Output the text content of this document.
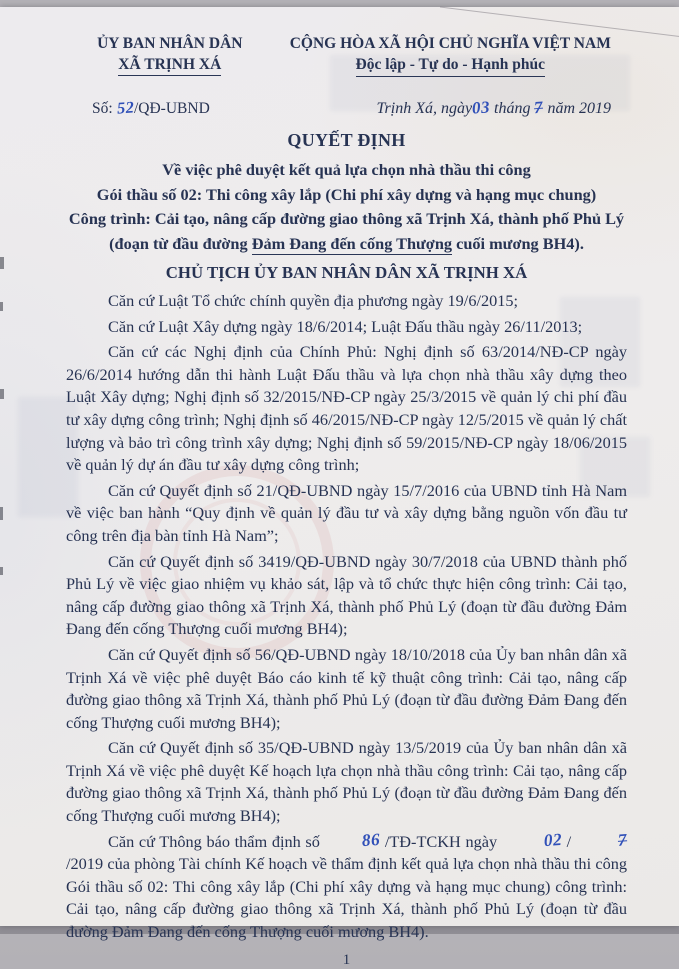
ỦY BAN NHÂN DÂN
XÃ TRỊNH XÁ
CỘNG HÒA XÃ HỘI CHỦ NGHĨA VIỆT NAM
Độc lập - Tự do - Hạnh phúc
Số: 52/QĐ-UBND	Trịnh Xá, ngày03 tháng 7 năm 2019
QUYẾT ĐỊNH
Về việc phê duyệt kết quả lựa chọn nhà thầu thi công
Gói thầu số 02: Thi công xây lắp (Chi phí xây dựng và hạng mục chung)
Công trình: Cải tạo, nâng cấp đường giao thông xã Trịnh Xá, thành phố Phủ Lý
(đoạn từ đầu đường Đảm Đang đến cống Thượng cuối mương BH4).
CHỦ TỊCH ỦY BAN NHÂN DÂN XÃ TRỊNH XÁ

Căn cứ Luật Tổ chức chính quyền địa phương ngày 19/6/2015;

Căn cứ Luật Xây dựng ngày 18/6/2014; Luật Đấu thầu ngày 26/11/2013;

Căn cứ các Nghị định của Chính Phủ: Nghị định số 63/2014/NĐ-CP ngày 26/6/2014 hướng dẫn thi hành Luật Đấu thầu và lựa chọn nhà thầu xây dựng theo Luật Xây dựng; Nghị định số 32/2015/NĐ-CP ngày 25/3/2015 về quản lý chi phí đầu tư xây dựng công trình; Nghị định số 46/2015/NĐ-CP ngày 12/5/2015 về quản lý chất lượng và bảo trì công trình xây dựng; Nghị định số 59/2015/NĐ-CP ngày 18/06/2015 về quản lý dự án đầu tư xây dựng công trình;

Căn cứ Quyết định số 21/QĐ-UBND ngày 15/7/2016 của UBND tỉnh Hà Nam về việc ban hành “Quy định về quản lý đầu tư và xây dựng bằng nguồn vốn đầu tư công trên địa bàn tỉnh Hà Nam”;

Căn cứ Quyết định số 3419/QĐ-UBND ngày 30/7/2018 của UBND thành phố Phủ Lý về việc giao nhiệm vụ khảo sát, lập và tổ chức thực hiện công trình: Cải tạo, nâng cấp đường giao thông xã Trịnh Xá, thành phố Phủ Lý (đoạn từ đầu đường Đảm Đang đến cống Thượng cuối mương BH4);

Căn cứ Quyết định số 56/QĐ-UBND ngày 18/10/2018 của Ủy ban nhân dân xã Trịnh Xá về việc phê duyệt Báo cáo kinh tế kỹ thuật công trình: Cải tạo, nâng cấp đường giao thông xã Trịnh Xá, thành phố Phủ Lý (đoạn từ đầu đường Đảm Đang đến cống Thượng cuối mương BH4);

Căn cứ Quyết định số 35/QĐ-UBND ngày 13/5/2019 của Ủy ban nhân dân xã Trịnh Xá về việc phê duyệt Kế hoạch lựa chọn nhà thầu công trình: Cải tạo, nâng cấp đường giao thông xã Trịnh Xá, thành phố Phủ Lý (đoạn từ đầu đường Đảm Đang đến cống Thượng cuối mương BH4);

Căn cứ Thông báo thẩm định số 86 /TĐ-TCKH ngày 02 / 7 /2019 của phòng Tài chính Kế hoạch về thẩm định kết quả lựa chọn nhà thầu thi công Gói thầu số 02: Thi công xây lắp (Chi phí xây dựng và hạng mục chung) công trình: Cải tạo, nâng cấp đường giao thông xã Trịnh Xá, thành phố Phủ Lý (đoạn từ đầu đường Đảm Đang đến cống Thượng cuối mương BH4).

1
